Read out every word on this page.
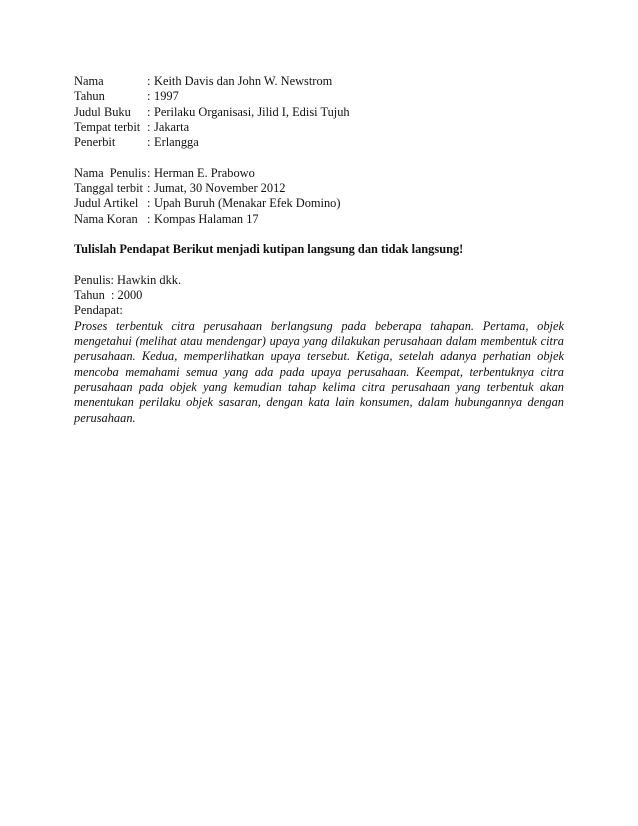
Nama	: Keith Davis dan John W. Newstrom
Tahun	: 1997
Judul Buku	: Perilaku Organisasi, Jilid I, Edisi Tujuh
Tempat terbit : Jakarta
Penerbit	: Erlangga
Nama  Penulis : Herman E. Prabowo
Tanggal terbit : Jumat, 30 November 2012
Judul Artikel : Upah Buruh (Menakar Efek Domino)
Nama Koran : Kompas Halaman 17
Tulislah Pendapat Berikut menjadi kutipan langsung dan tidak langsung!
Penulis: Hawkin dkk.
Tahun  : 2000
Pendapat:

Proses terbentuk citra perusahaan berlangsung pada beberapa tahapan. Pertama, objek mengetahui (melihat atau mendengar) upaya yang dilakukan perusahaan dalam membentuk citra perusahaan. Kedua, memperlihatkan upaya tersebut. Ketiga, setelah adanya perhatian objek mencoba memahami semua yang ada pada upaya perusahaan. Keempat, terbentuknya citra perusahaan pada objek yang kemudian tahap kelima citra perusahaan yang terbentuk akan menentukan perilaku objek sasaran, dengan kata lain konsumen, dalam hubungannya dengan perusahaan.
